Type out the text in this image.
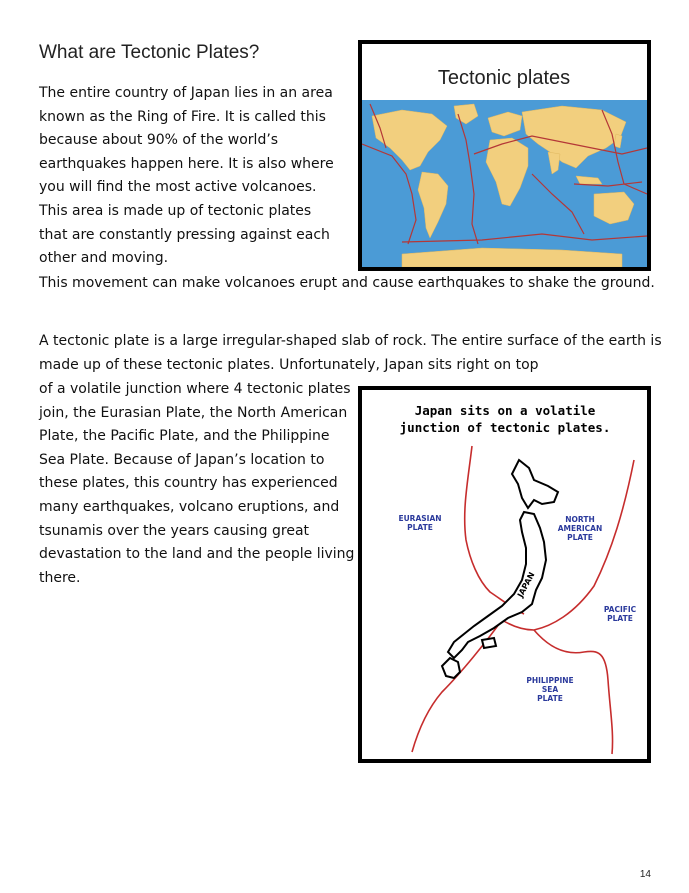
What are Tectonic Plates?

The entire country of Japan lies in an area known as the Ring of Fire. It is called this because about 90% of the world’s earthquakes happen here. It is also where you will find the most active volcanoes. This area is made up of tectonic plates that are constantly pressing against each other and moving.

This movement can make volcanoes erupt and cause earthquakes to shake the ground.

A tectonic plate is a large irregular-shaped slab of rock. The entire surface of the earth is made up of these tectonic plates. Unfortunately, Japan sits right on top

of a volatile junction where 4 tectonic plates join, the Eurasian Plate, the North American Plate, the Pacific Plate, and the Philippine Sea Plate. Because of Japan’s location to these plates, this country has experienced many earthquakes, volcano eruptions, and tsunamis over the years causing great devastation to the land and the people living there.

Tectonic plates
Japan sits on a volatile
junction of tectonic plates.
JAPAN
EURASIAN
PLATE
NORTH
AMERICAN
PLATE
PACIFIC
PLATE
PHILIPPINE
SEA
PLATE
14
